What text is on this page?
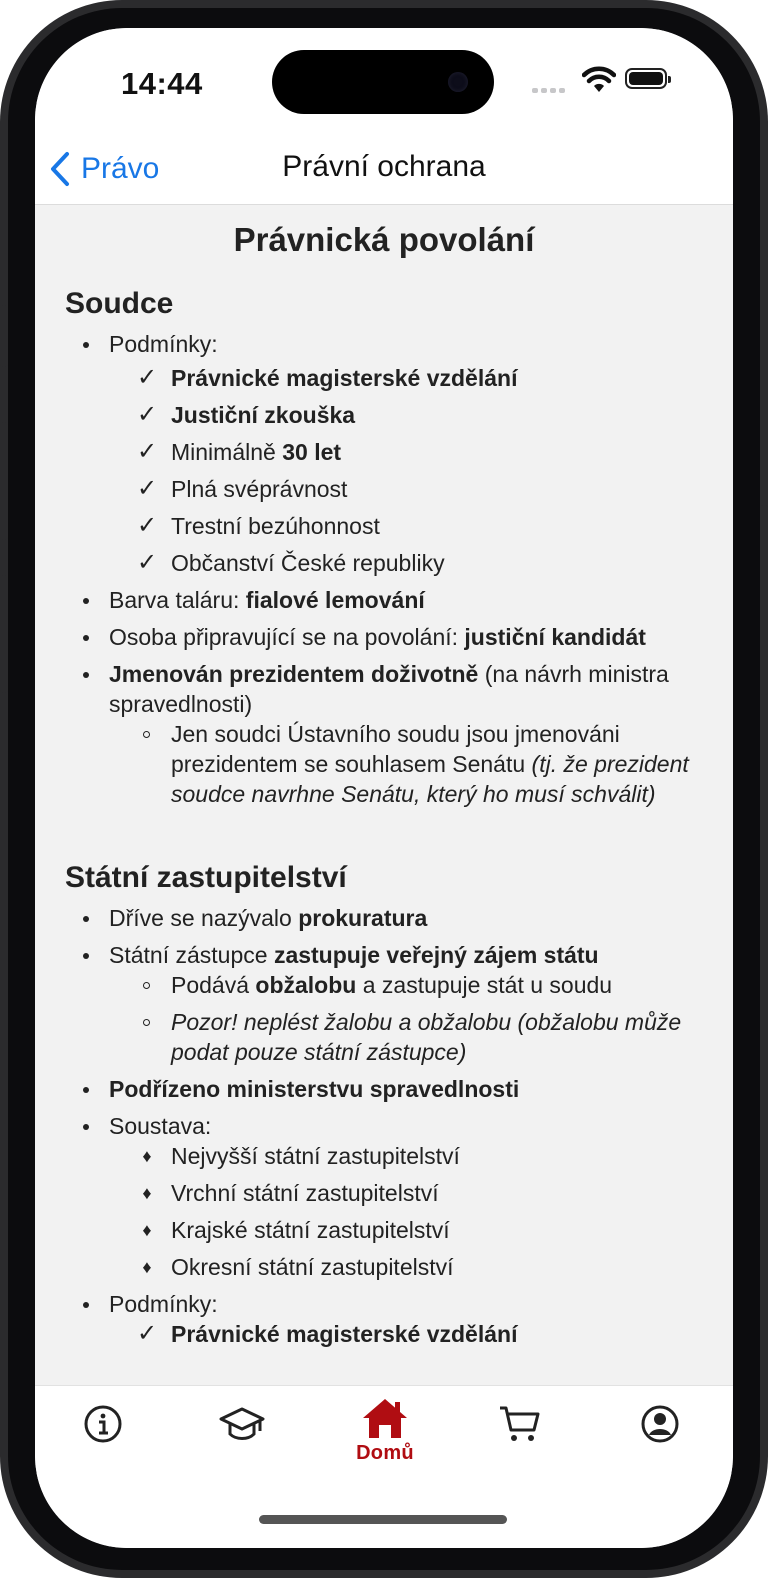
14:44
Právo	Právní ochrana
Právnická povolání
Soudce
Podmínky:
✓ Právnické magisterské vzdělání
✓ Justiční zkouška
✓ Minimálně 30 let
✓ Plná svéprávnost
✓ Trestní bezúhonnost
✓ Občanství České republiky
Barva taláru: fialové lemování
Osoba připravující se na povolání: justiční kandidát
Jmenován prezidentem doživotně (na návrh ministra spravedlnosti)
Jen soudci Ústavního soudu jsou jmenováni prezidentem se souhlasem Senátu (tj. že prezident soudce navrhne Senátu, který ho musí schválit)
Státní zastupitelství
Dříve se nazývalo prokuratura
Státní zástupce zastupuje veřejný zájem státu
Podává obžalobu a zastupuje stát u soudu
Pozor! neplést žalobu a obžalobu (obžalobu může podat pouze státní zástupce)
Podřízeno ministerstvu spravedlnosti
Soustava:
♦ Nejvyšší státní zastupitelství
♦ Vrchní státní zastupitelství
♦ Krajské státní zastupitelství
♦ Okresní státní zastupitelství
Podmínky:
✓ Právnické magisterské vzdělání
Domů
